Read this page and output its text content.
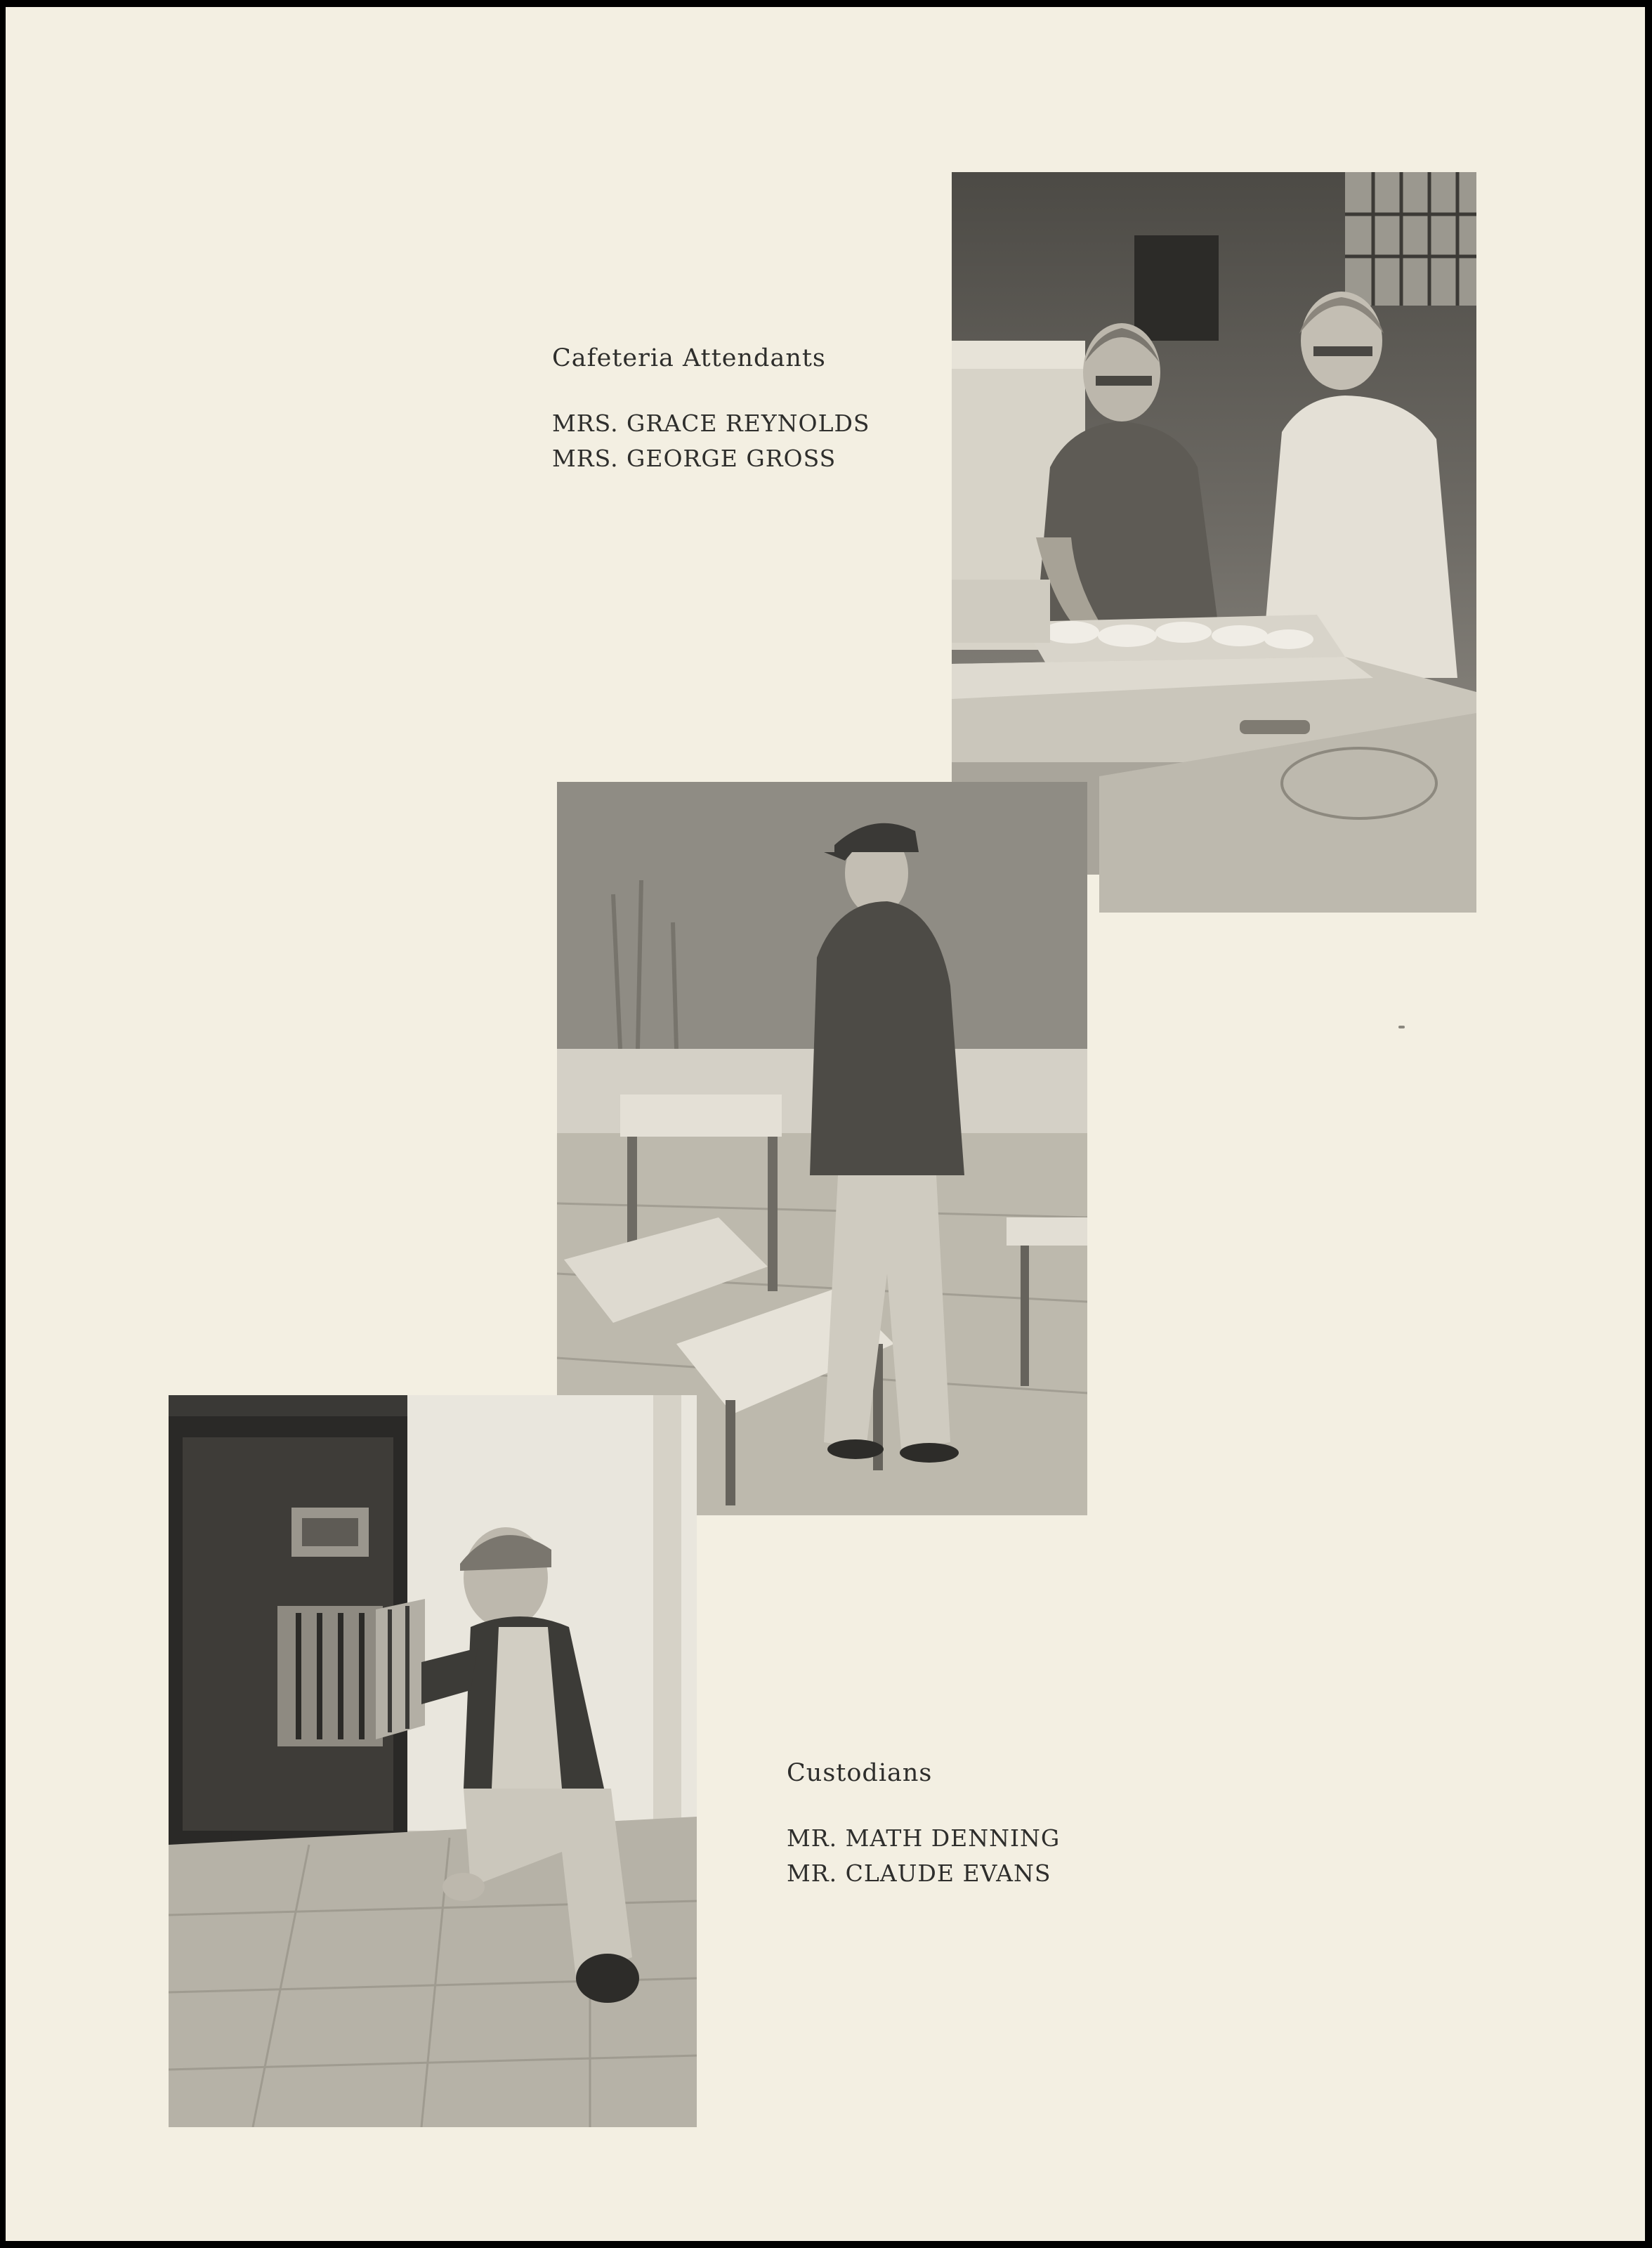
Cafeteria Attendants
MRS. GRACE REYNOLDS
MRS. GEORGE GROSS
Custodians
MR. MATH DENNING
MR. CLAUDE EVANS
